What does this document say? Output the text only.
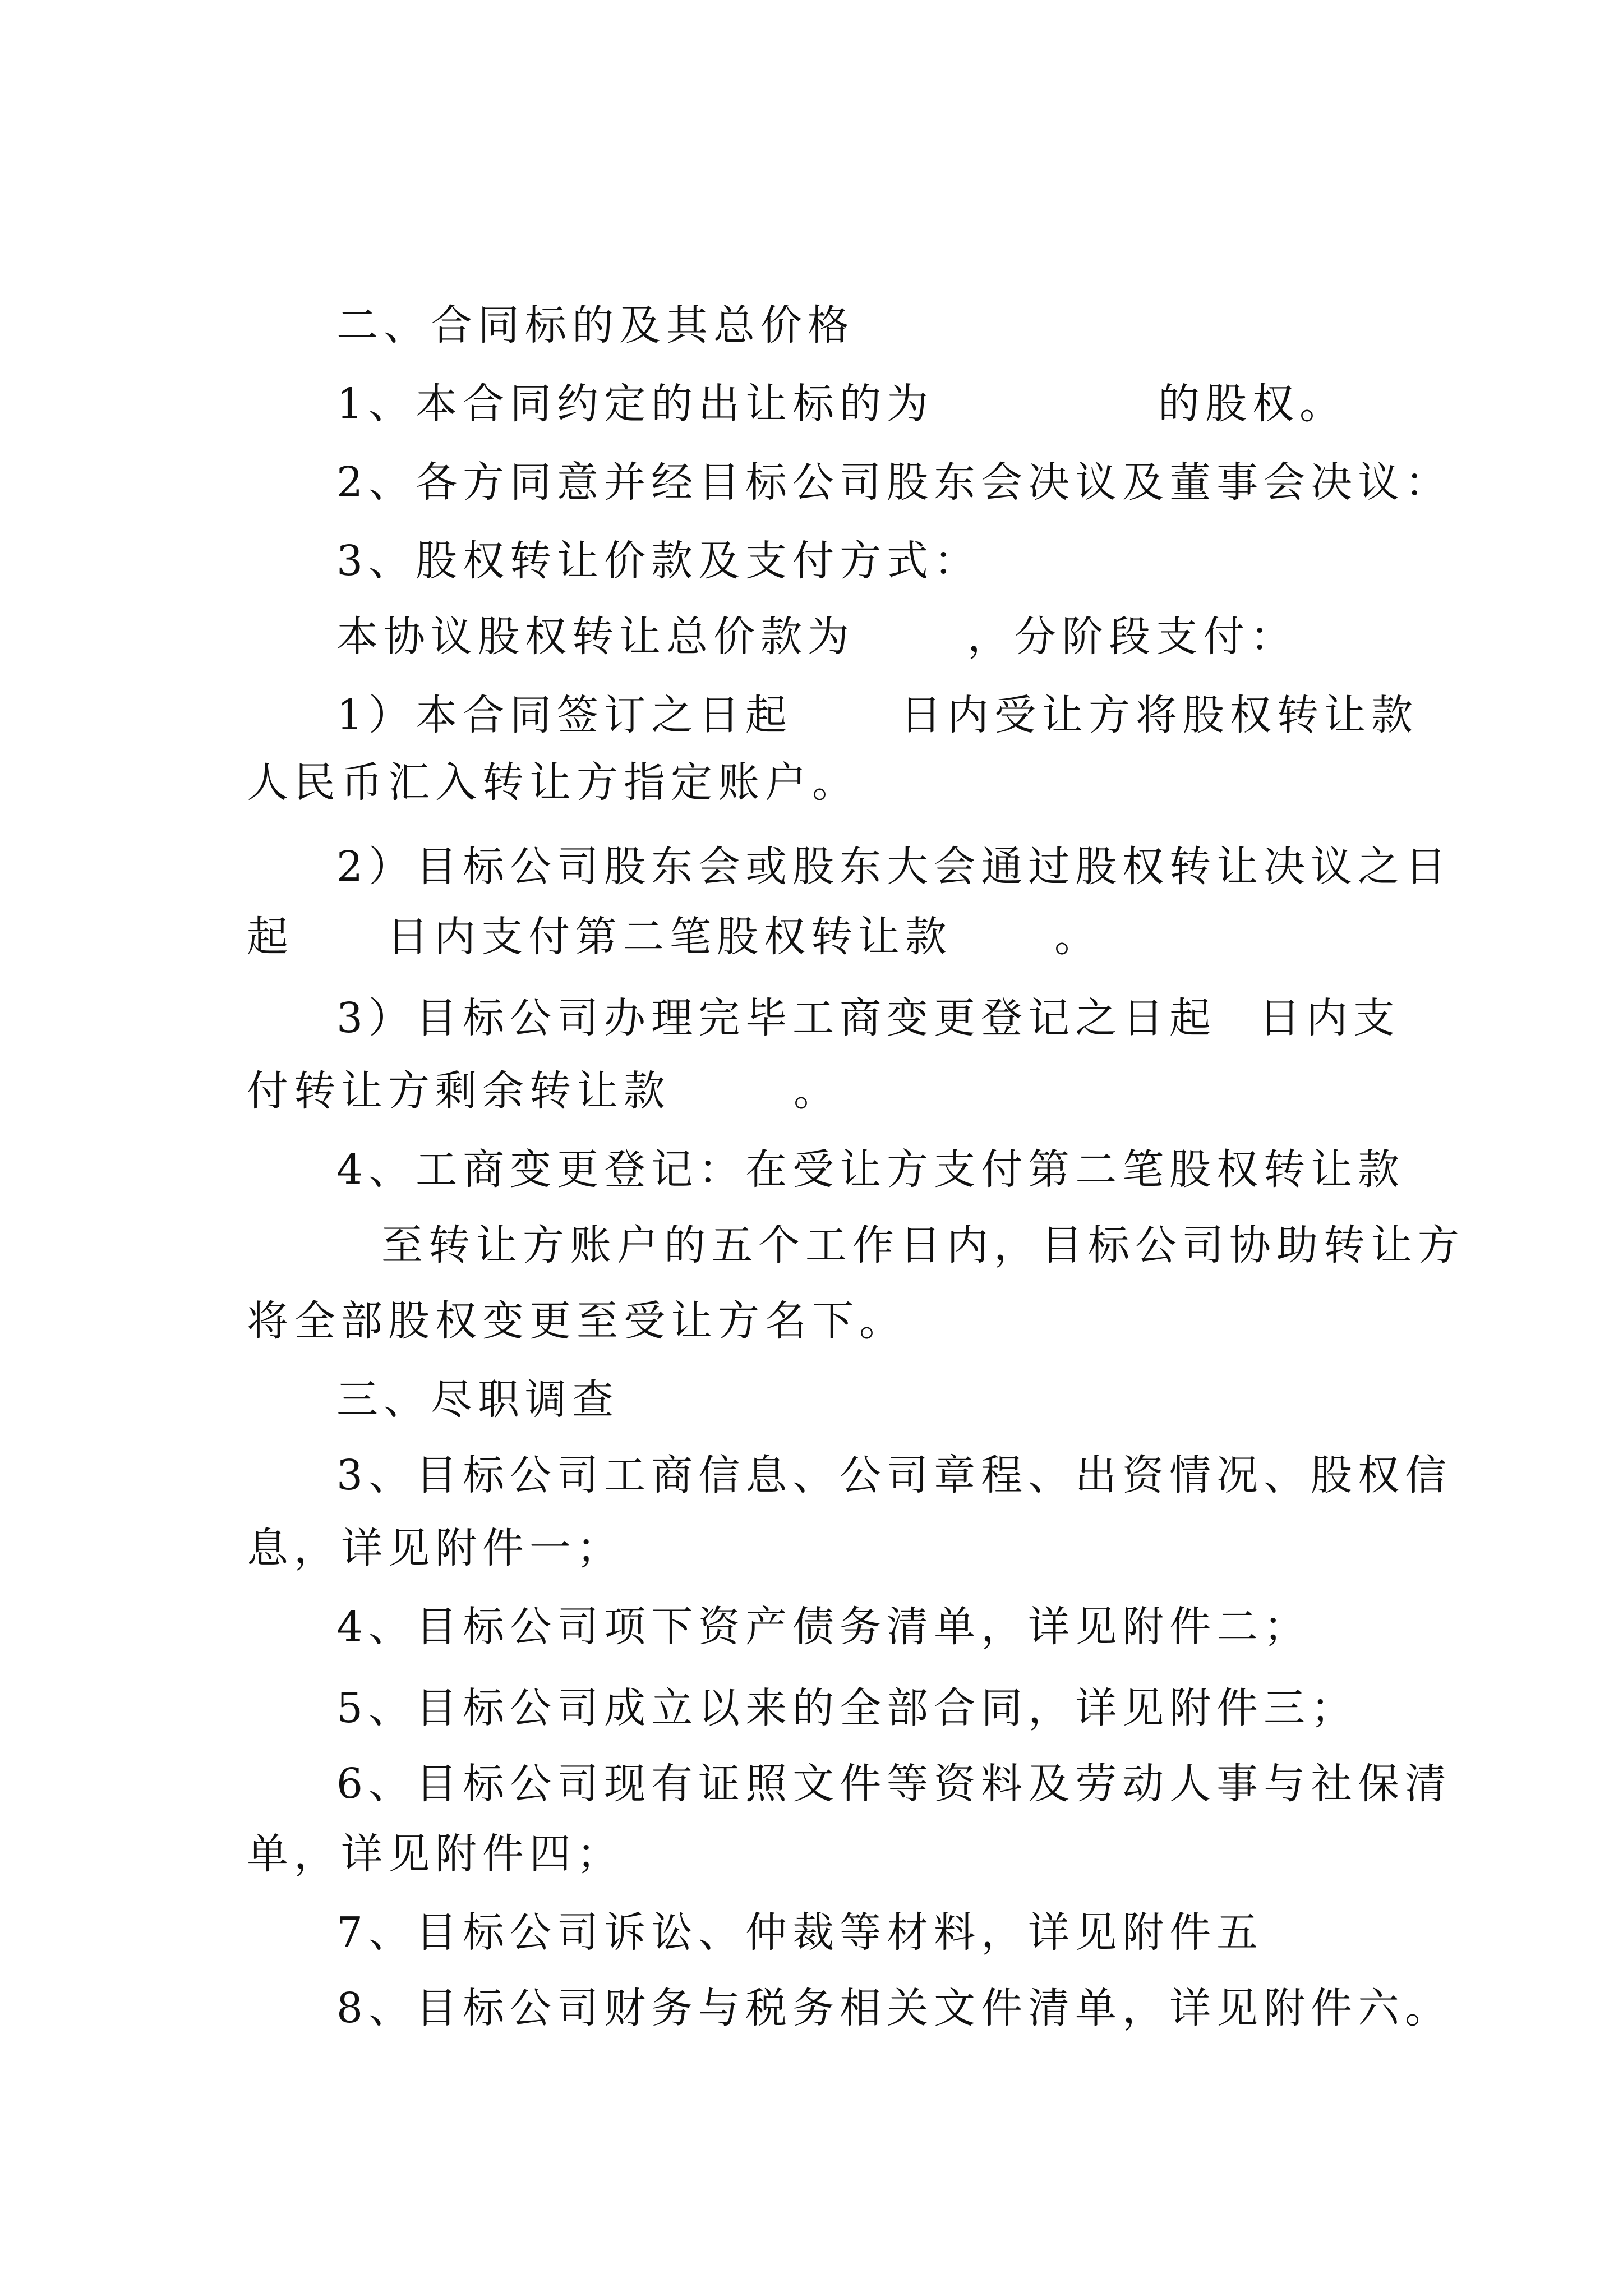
二、合同标的及其总价格
1、本合同约定的出让标的为	的股权。
2、各方同意并经目标公司股东会决议及董事会决议：
3、股权转让价款及支付方式：
本协议股权转让总价款为	，分阶段支付：
1）本合同签订之日起	日内受让方将股权转让款
人民币汇入转让方指定账户。
2）目标公司股东会或股东大会通过股权转让决议之日
起 日内支付第二笔股权转让款 。
3）目标公司办理完毕工商变更登记之日起 日内支
付转让方剩余转让款	。
4、工商变更登记：在受让方支付第二笔股权转让款
至转让方账户的五个工作日内，目标公司协助转让方
将全部股权变更至受让方名下。
三、尽职调查
3、目标公司工商信息、公司章程、出资情况、股权信
息，详见附件一；
4、目标公司项下资产债务清单，详见附件二；
5、目标公司成立以来的全部合同，详见附件三；
6、目标公司现有证照文件等资料及劳动人事与社保清
单，详见附件四；
7、目标公司诉讼、仲裁等材料，详见附件五
8、目标公司财务与税务相关文件清单，详见附件六。
